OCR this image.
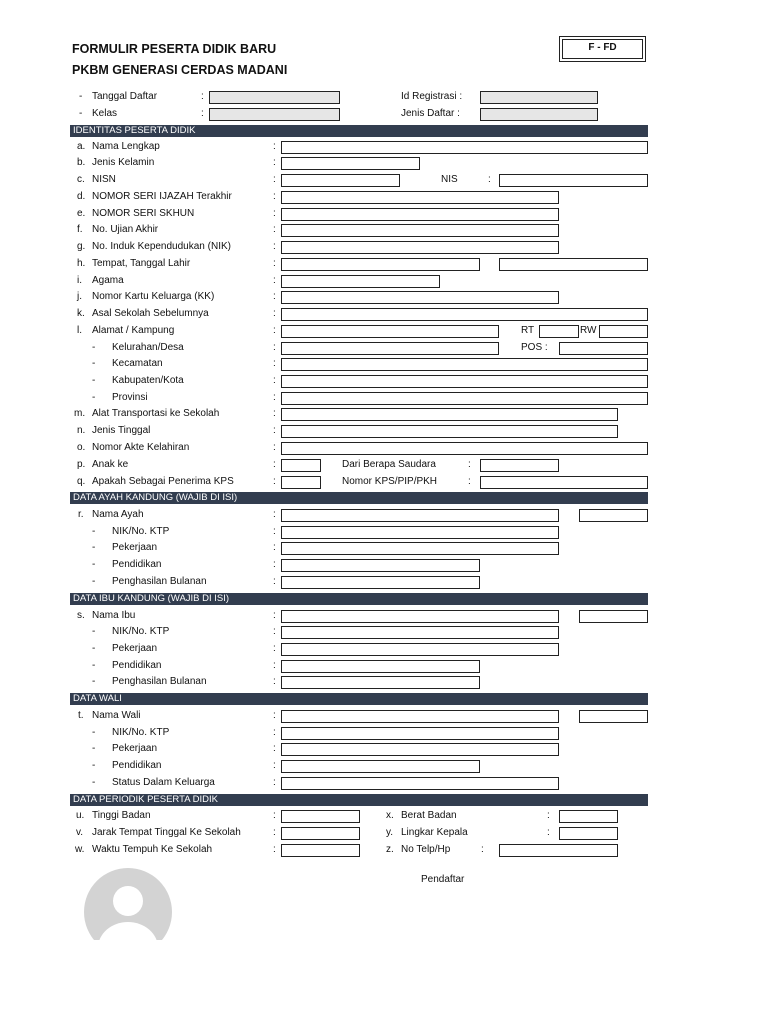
FORMULIR PESERTA DIDIK BARU
PKBM GENERASI CERDAS MADANI
F - FD
- Tanggal Daftar	:	Id Registrasi :
- Kelas	:	Jenis Daftar :
IDENTITAS PESERTA DIDIK
a. Nama Lengkap	:
b. Jenis Kelamin	:
c. NISN	:	NIS	:
d. NOMOR SERI IJAZAH Terakhir	:
e. NOMOR SERI SKHUN	:
f. No. Ujian Akhir	:
g. No. Induk Kependudukan (NIK)	:
h. Tempat, Tanggal Lahir	:
i. Agama	:
j. Nomor Kartu Keluarga (KK)	:
k. Asal Sekolah Sebelumnya	:
l. Alamat / Kampung	:	RT	RW
- Kelurahan/Desa	:	POS :
- Kecamatan	:
- Kabupaten/Kota	:
- Provinsi	:
m. Alat Transportasi ke Sekolah	:
n. Jenis Tinggal	:
o. Nomor Akte Kelahiran	:
p. Anak ke	:	Dari Berapa Saudara	:
q. Apakah Sebagai Penerima KPS	:	Nomor KPS/PIP/PKH	:
DATA AYAH KANDUNG (WAJIB DI ISI)
r. Nama Ayah	:
- NIK/No. KTP	:
- Pekerjaan	:
- Pendidikan	:
- Penghasilan Bulanan	:
DATA IBU KANDUNG (WAJIB DI ISI)
s. Nama Ibu	:
- NIK/No. KTP	:
- Pekerjaan	:
- Pendidikan	:
- Penghasilan Bulanan	:
DATA WALI
t. Nama Wali	:
- NIK/No. KTP	:
- Pekerjaan	:
- Pendidikan	:
- Status Dalam Keluarga	:
DATA PERIODIK PESERTA DIDIK
u. Tinggi Badan	:	x. Berat Badan	:
v. Jarak Tempat Tinggal Ke Sekolah	:	y. Lingkar Kepala	:
w. Waktu Tempuh Ke Sekolah	:	z. No Telp/Hp	:
Pendaftar
